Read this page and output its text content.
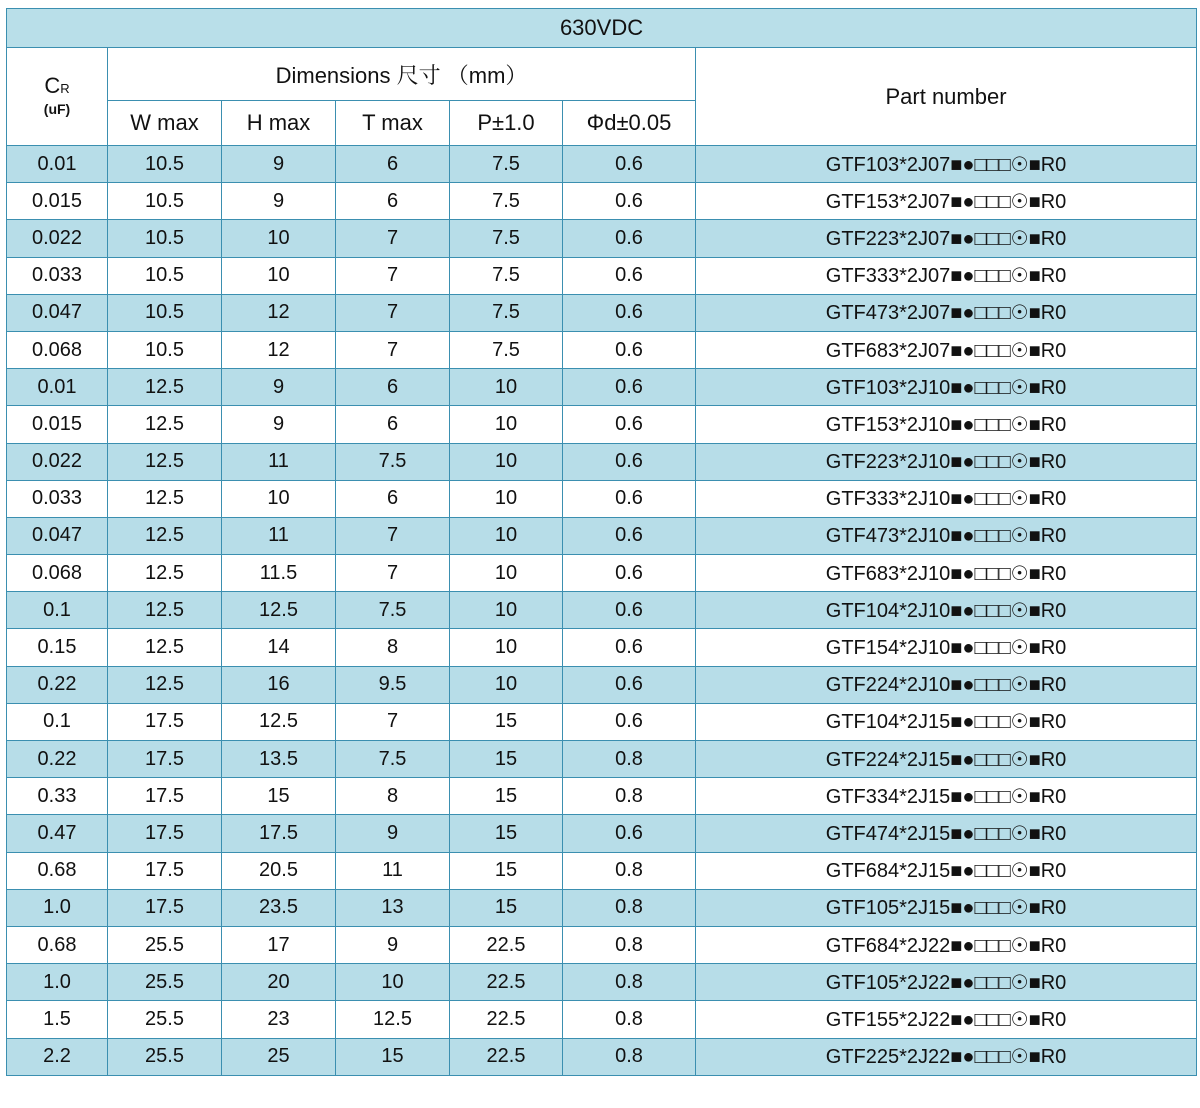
630VDC						

CR
(uF)	Dimensions 尺寸 （mm）					Part number
	W max	H max	T max	P±1.0	Φd±0.05	
0.01	10.5	9	6	7.5	0.6	GTF103*2J07■●□□□☉■R0
0.015	10.5	9	6	7.5	0.6	GTF153*2J07■●□□□☉■R0
0.022	10.5	10	7	7.5	0.6	GTF223*2J07■●□□□☉■R0
0.033	10.5	10	7	7.5	0.6	GTF333*2J07■●□□□☉■R0
0.047	10.5	12	7	7.5	0.6	GTF473*2J07■●□□□☉■R0
0.068	10.5	12	7	7.5	0.6	GTF683*2J07■●□□□☉■R0
0.01	12.5	9	6	10	0.6	GTF103*2J10■●□□□☉■R0
0.015	12.5	9	6	10	0.6	GTF153*2J10■●□□□☉■R0
0.022	12.5	11	7.5	10	0.6	GTF223*2J10■●□□□☉■R0
0.033	12.5	10	6	10	0.6	GTF333*2J10■●□□□☉■R0
0.047	12.5	11	7	10	0.6	GTF473*2J10■●□□□☉■R0
0.068	12.5	11.5	7	10	0.6	GTF683*2J10■●□□□☉■R0
0.1	12.5	12.5	7.5	10	0.6	GTF104*2J10■●□□□☉■R0
0.15	12.5	14	8	10	0.6	GTF154*2J10■●□□□☉■R0
0.22	12.5	16	9.5	10	0.6	GTF224*2J10■●□□□☉■R0
0.1	17.5	12.5	7	15	0.6	GTF104*2J15■●□□□☉■R0
0.22	17.5	13.5	7.5	15	0.8	GTF224*2J15■●□□□☉■R0
0.33	17.5	15	8	15	0.8	GTF334*2J15■●□□□☉■R0
0.47	17.5	17.5	9	15	0.6	GTF474*2J15■●□□□☉■R0
0.68	17.5	20.5	11	15	0.8	GTF684*2J15■●□□□☉■R0
1.0	17.5	23.5	13	15	0.8	GTF105*2J15■●□□□☉■R0
0.68	25.5	17	9	22.5	0.8	GTF684*2J22■●□□□☉■R0
1.0	25.5	20	10	22.5	0.8	GTF105*2J22■●□□□☉■R0
1.5	25.5	23	12.5	22.5	0.8	GTF155*2J22■●□□□☉■R0
2.2	25.5	25	15	22.5	0.8	GTF225*2J22■●□□□☉■R0
